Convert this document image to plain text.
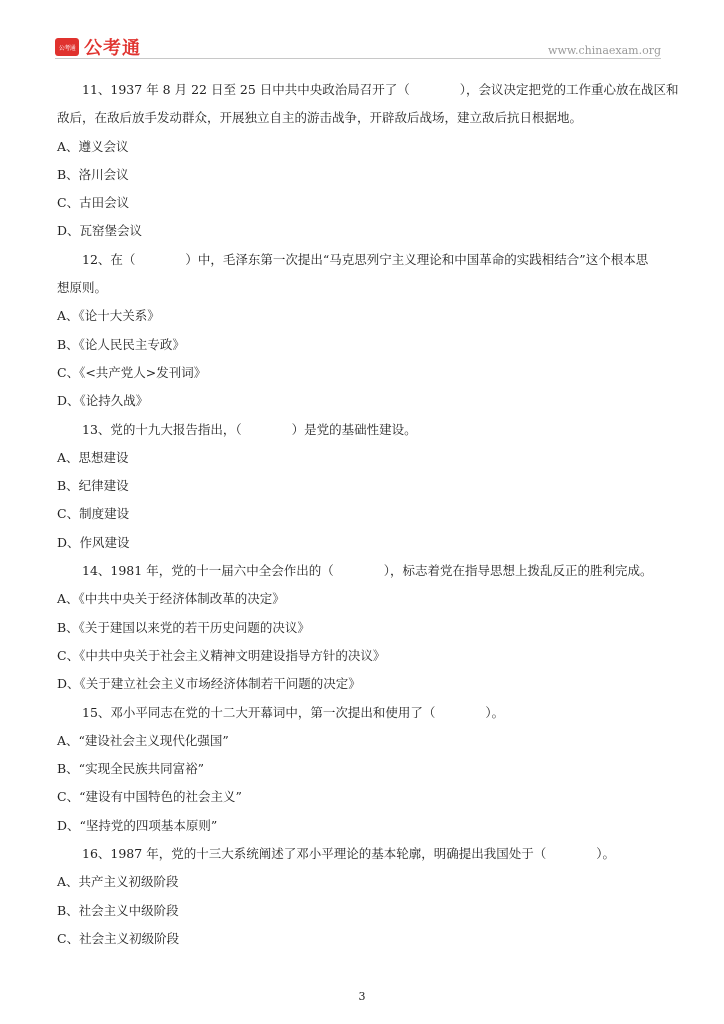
公考通 公考通	www.chinaexam.org
11、1937 年 8 月 22 日至 25 日中共中央政治局召开了（　　　　），会议决定把党的工作重心放在战区和
敌后，在敌后放手发动群众，开展独立自主的游击战争，开辟敌后战场，建立敌后抗日根据地。
A、遵义会议
B、洛川会议
C、古田会议
D、瓦窑堡会议
12、在（　　　　）中，毛泽东第一次提出“马克思列宁主义理论和中国革命的实践相结合”这个根本思
想原则。
A、《论十大关系》
B、《论人民民主专政》
C、《<共产党人>发刊词》
D、《论持久战》
13、党的十九大报告指出，（　　　　）是党的基础性建设。
A、思想建设
B、纪律建设
C、制度建设
D、作风建设
14、1981 年，党的十一届六中全会作出的（　　　　），标志着党在指导思想上拨乱反正的胜利完成。
A、《中共中央关于经济体制改革的决定》
B、《关于建国以来党的若干历史问题的决议》
C、《中共中央关于社会主义精神文明建设指导方针的决议》
D、《关于建立社会主义市场经济体制若干问题的决定》
15、邓小平同志在党的十二大开幕词中，第一次提出和使用了（　　　　）。
A、“建设社会主义现代化强国”
B、“实现全民族共同富裕”
C、“建设有中国特色的社会主义”
D、“坚持党的四项基本原则”
16、1987 年，党的十三大系统阐述了邓小平理论的基本轮廓，明确提出我国处于（　　　　）。
A、共产主义初级阶段
B、社会主义中级阶段
C、社会主义初级阶段
3
